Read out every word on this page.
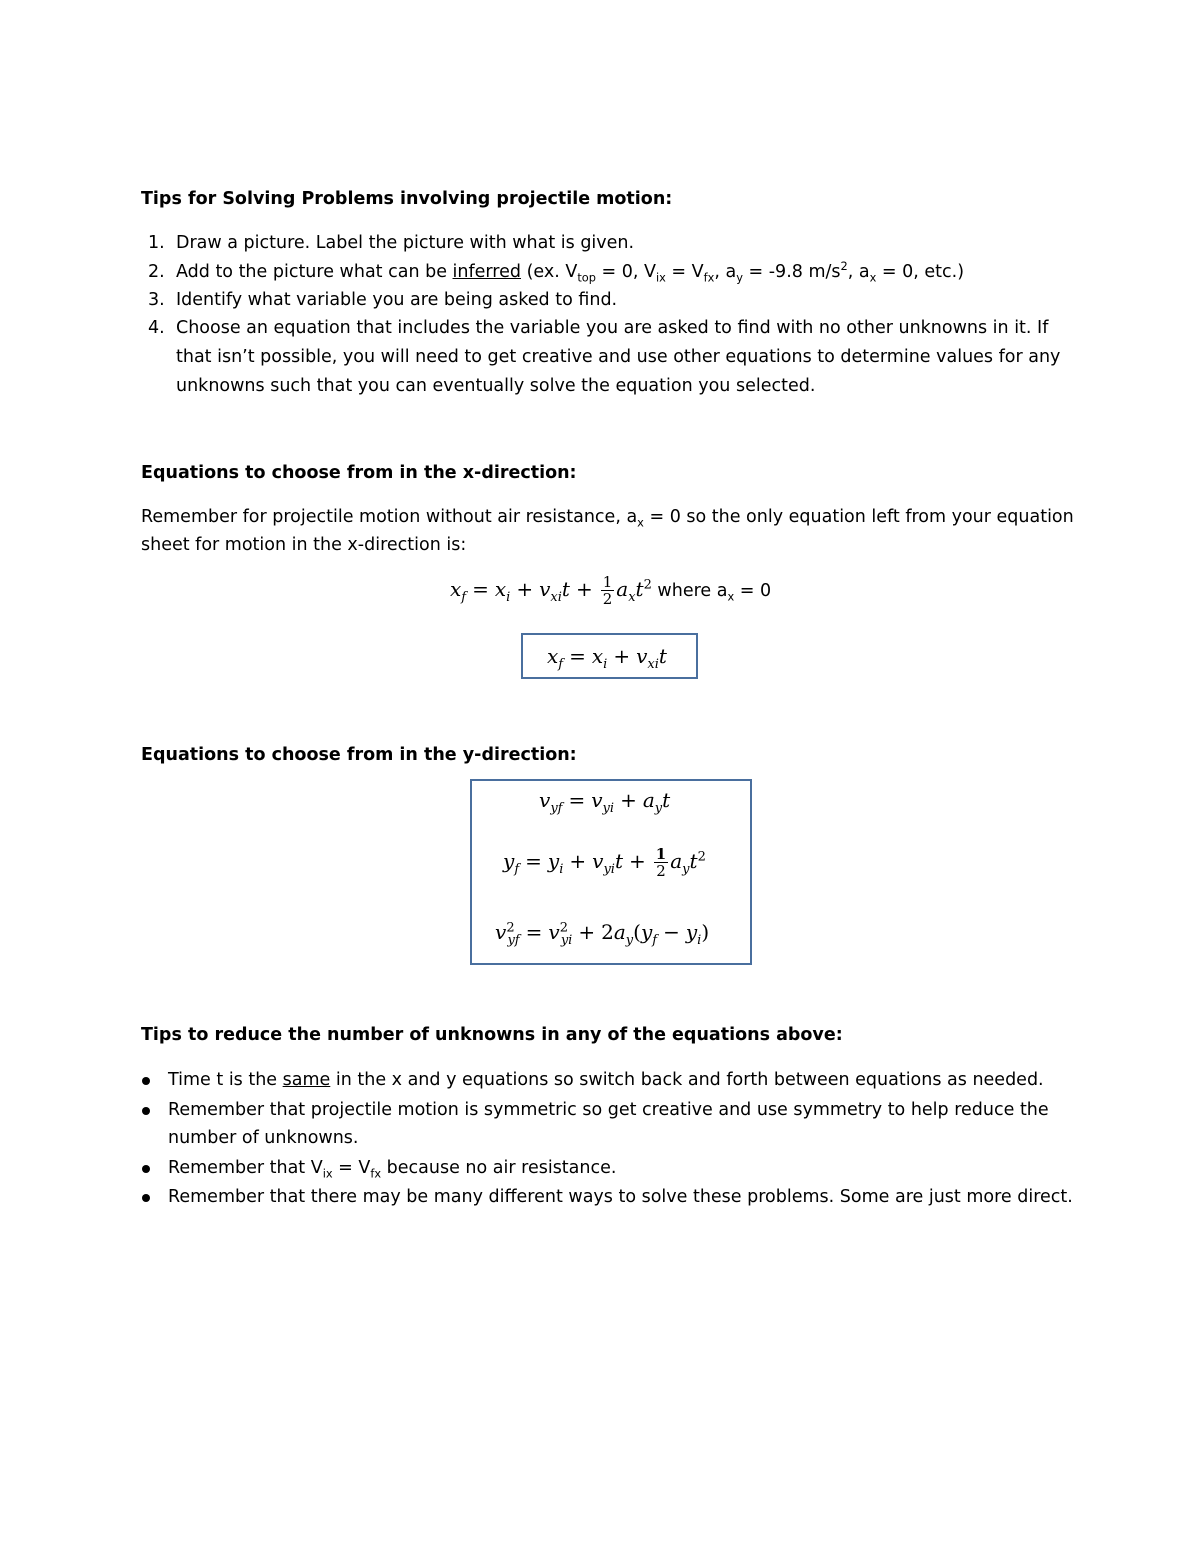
Tips for Solving Problems involving projectile motion:
1. Draw a picture. Label the picture with what is given.
2. Add to the picture what can be inferred (ex. $V_{top} = 0$, $V_{ix} = V_{fx}$, $a_y = -9.8$ $m/s^2$, $a_x = 0$, etc.)
3. Identify what variable you are being asked to find.
4. Choose an equation that includes the variable you are asked to find with no other unknowns in it. If
that isn’t possible, you will need to get creative and use other equations to determine values for any
unknowns such that you can eventually solve the equation you selected.
Equations to choose from in the x-direction:
Remember for projectile motion without air resistance, $a_x = 0$ so the only equation left from your equation
sheet for motion in the x-direction is:
$x_f = x_i + v_{xi}t + \frac{1}{2} a_xt^2$ where $a_x = 0$
$x_f = x_i + v_{xi}t$
Equations to choose from in the y-direction:
$v_{yf} = v_{yi} + a_yt$
$y_f = y_i + v_{yi}t + \frac{1}{2} a_yt^2$
$v^2_{yf} = v^2_{yi} + 2a_y(y_f - y_i)$
Tips to reduce the number of unknowns in any of the equations above:
Time t is the same in the x and y equations so switch back and forth between equations as needed.
Remember that projectile motion is symmetric so get creative and use symmetry to help reduce the
number of unknowns.
Remember that $V_{ix} = V_{fx}$ because no air resistance.
Remember that there may be many different ways to solve these problems. Some are just more direct.
